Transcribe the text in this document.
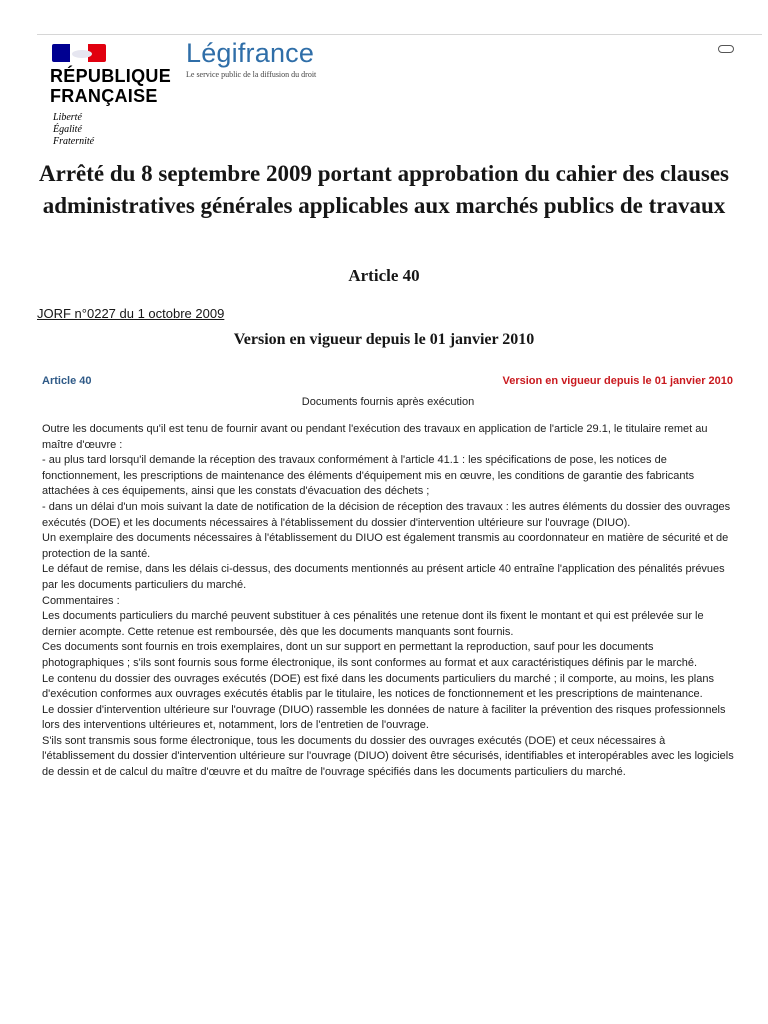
RÉPUBLIQUE
FRANÇAISE
Liberté
Égalité
Fraternité
Légifrance
Le service public de la diffusion du droit
Arrêté du 8 septembre 2009 portant approbation du cahier des clauses administratives générales applicables aux marchés publics de travaux
Article 40
JORF n°0227 du 1 octobre 2009
Version en vigueur depuis le 01 janvier 2010
Article 40	Version en vigueur depuis le 01 janvier 2010
Documents fournis après exécution

Outre les documents qu'il est tenu de fournir avant ou pendant l'exécution des travaux en application de l'article 29.1, le titulaire remet au maître d'œuvre :

- au plus tard lorsqu'il demande la réception des travaux conformément à l'article 41.1 : les spécifications de pose, les notices de fonctionnement, les prescriptions de maintenance des éléments d'équipement mis en œuvre, les conditions de garantie des fabricants attachées à ces équipements, ainsi que les constats d'évacuation des déchets ;

- dans un délai d'un mois suivant la date de notification de la décision de réception des travaux : les autres éléments du dossier des ouvrages exécutés (DOE) et les documents nécessaires à l'établissement du dossier d'intervention ultérieure sur l'ouvrage (DIUO).

Un exemplaire des documents nécessaires à l'établissement du DIUO est également transmis au coordonnateur en matière de sécurité et de protection de la santé.

Le défaut de remise, dans les délais ci-dessus, des documents mentionnés au présent article 40 entraîne l'application des pénalités prévues par les documents particuliers du marché.

Commentaires :

Les documents particuliers du marché peuvent substituer à ces pénalités une retenue dont ils fixent le montant et qui est prélevée sur le dernier acompte. Cette retenue est remboursée, dès que les documents manquants sont fournis.

Ces documents sont fournis en trois exemplaires, dont un sur support en permettant la reproduction, sauf pour les documents photographiques ; s'ils sont fournis sous forme électronique, ils sont conformes au format et aux caractéristiques définis par le marché.

Le contenu du dossier des ouvrages exécutés (DOE) est fixé dans les documents particuliers du marché ; il comporte, au moins, les plans d'exécution conformes aux ouvrages exécutés établis par le titulaire, les notices de fonctionnement et les prescriptions de maintenance.

Le dossier d'intervention ultérieure sur l'ouvrage (DIUO) rassemble les données de nature à faciliter la prévention des risques professionnels lors des interventions ultérieures et, notamment, lors de l'entretien de l'ouvrage.

S'ils sont transmis sous forme électronique, tous les documents du dossier des ouvrages exécutés (DOE) et ceux nécessaires à l'établissement du dossier d'intervention ultérieure sur l'ouvrage (DIUO) doivent être sécurisés, identifiables et interopérables avec les logiciels de dessin et de calcul du maître d'œuvre et du maître de l'ouvrage spécifiés dans les documents particuliers du marché.
